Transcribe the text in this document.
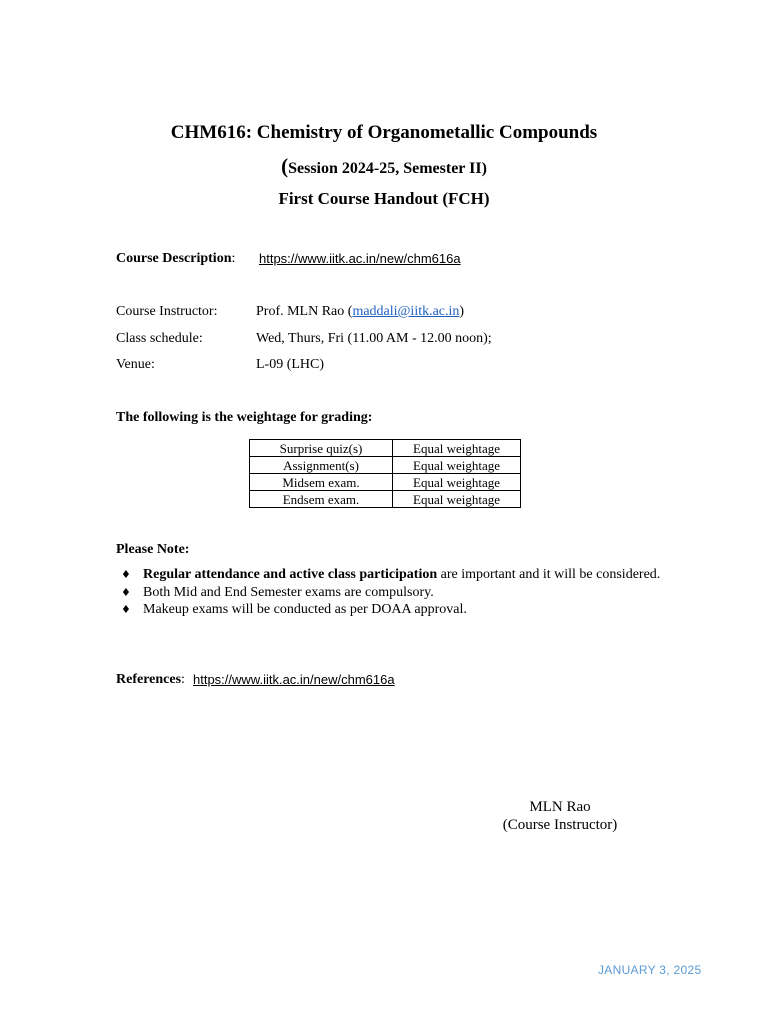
CHM616: Chemistry of Organometallic Compounds
(Session 2024-25, Semester II)
First Course Handout (FCH)
Course Description: https://www.iitk.ac.in/new/chm616a
Course Instructor:	Prof. MLN Rao (maddali@iitk.ac.in)
Class schedule:	Wed, Thurs, Fri (11.00 AM - 12.00 noon);
Venue:	L-09 (LHC)
The following is the weightage for grading:
Surprise quiz(s)	Equal weightage
Assignment(s)	Equal weightage
Midsem exam.	Equal weightage
Endsem exam.	Equal weightage
Please Note:
♦ Regular attendance and active class participation are important and it will be considered.
♦ Both Mid and End Semester exams are compulsory.
♦ Makeup exams will be conducted as per DOAA approval.
References: https://www.iitk.ac.in/new/chm616a
MLN Rao
(Course Instructor)
JANUARY 3, 2025
